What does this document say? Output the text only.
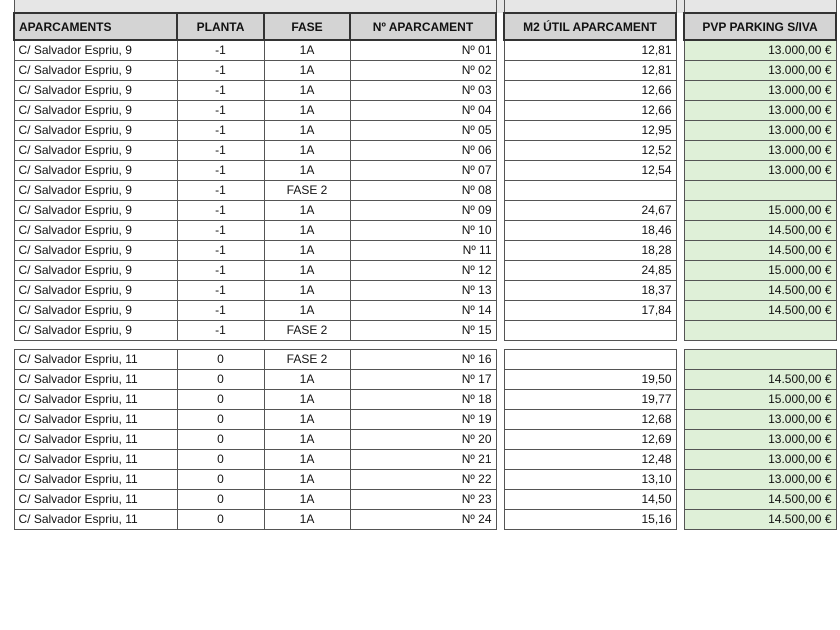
APARCAMENTS	PLANTA	FASE	Nº APARCAMENT		M2 ÚTIL APARCAMENT		PVP PARKING S/IVA
C/ Salvador Espriu, 9	-1	1A	Nº 01		12,81		13.000,00 €
C/ Salvador Espriu, 9	-1	1A	Nº 02		12,81		13.000,00 €
C/ Salvador Espriu, 9	-1	1A	Nº 03		12,66		13.000,00 €
C/ Salvador Espriu, 9	-1	1A	Nº 04		12,66		13.000,00 €
C/ Salvador Espriu, 9	-1	1A	Nº 05		12,95		13.000,00 €
C/ Salvador Espriu, 9	-1	1A	Nº 06		12,52		13.000,00 €
C/ Salvador Espriu, 9	-1	1A	Nº 07		12,54		13.000,00 €
C/ Salvador Espriu, 9	-1	FASE 2	Nº 08				
C/ Salvador Espriu, 9	-1	1A	Nº 09		24,67		15.000,00 €
C/ Salvador Espriu, 9	-1	1A	Nº 10		18,46		14.500,00 €
C/ Salvador Espriu, 9	-1	1A	Nº 11		18,28		14.500,00 €
C/ Salvador Espriu, 9	-1	1A	Nº 12		24,85		15.000,00 €
C/ Salvador Espriu, 9	-1	1A	Nº 13		18,37		14.500,00 €
C/ Salvador Espriu, 9	-1	1A	Nº 14		17,84		14.500,00 €
C/ Salvador Espriu, 9	-1	FASE 2	Nº 15				

C/ Salvador Espriu, 11	0	FASE 2	Nº 16				
C/ Salvador Espriu, 11	0	1A	Nº 17		19,50		14.500,00 €
C/ Salvador Espriu, 11	0	1A	Nº 18		19,77		15.000,00 €
C/ Salvador Espriu, 11	0	1A	Nº 19		12,68		13.000,00 €
C/ Salvador Espriu, 11	0	1A	Nº 20		12,69		13.000,00 €
C/ Salvador Espriu, 11	0	1A	Nº 21		12,48		13.000,00 €
C/ Salvador Espriu, 11	0	1A	Nº 22		13,10		13.000,00 €
C/ Salvador Espriu, 11	0	1A	Nº 23		14,50		14.500,00 €
C/ Salvador Espriu, 11	0	1A	Nº 24		15,16		14.500,00 €
